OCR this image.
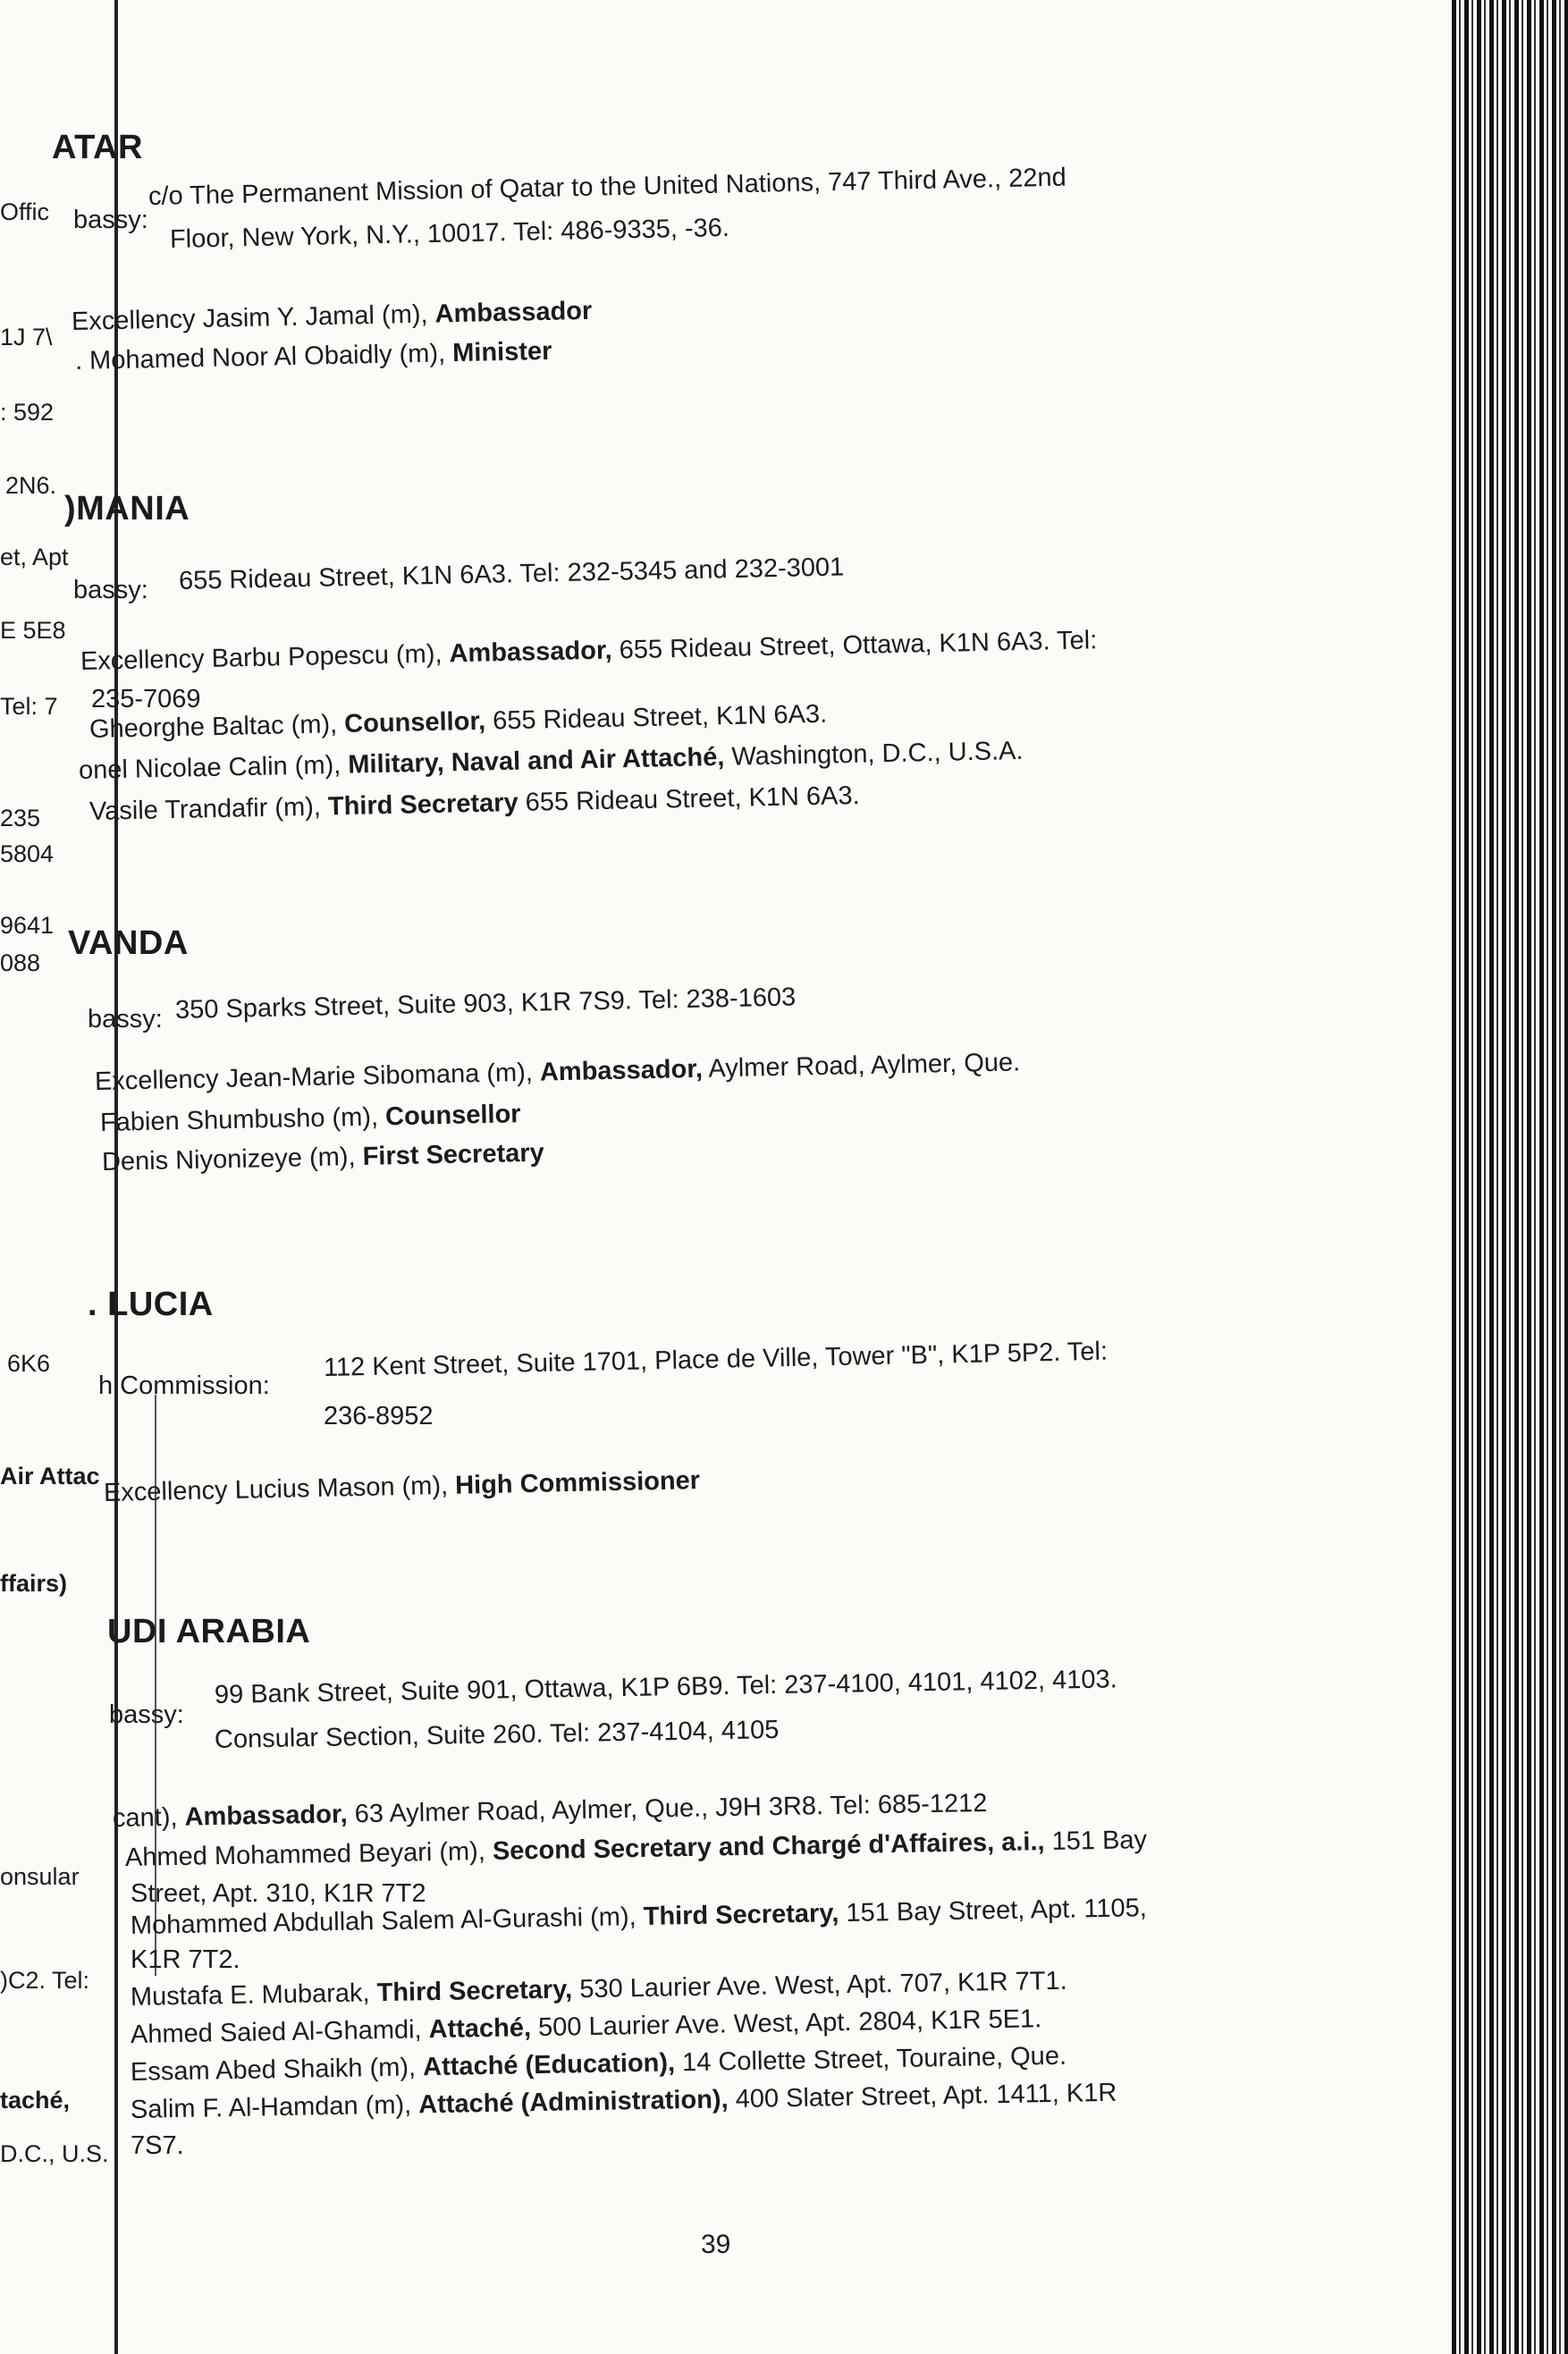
Offic
1J 7\
: 592
2N6.
et, Apt
E 5E8
Tel: 7
235
5804
9641
088
6K6
Air Attac
ffairs)
onsular
)C2. Tel:
taché,
D.C., U.S.
ATAR
bassy:
c/o The Permanent Mission of Qatar to the United Nations, 747 Third Ave., 22nd
Floor, New York, N.Y., 10017. Tel: 486-9335, -36.
Excellency Jasim Y. Jamal (m), Ambassador
. Mohamed Noor Al Obaidly (m), Minister
)MANIA
bassy: 655 Rideau Street, K1N 6A3. Tel: 232-5345 and 232-3001
Excellency Barbu Popescu (m), Ambassador, 655 Rideau Street, Ottawa, K1N 6A3. Tel:
235-7069
Gheorghe Baltac (m), Counsellor, 655 Rideau Street, K1N 6A3.
onel Nicolae Calin (m), Military, Naval and Air Attaché, Washington, D.C., U.S.A.
Vasile Trandafir (m), Third Secretary 655 Rideau Street, K1N 6A3.
VANDA
bassy: 350 Sparks Street, Suite 903, K1R 7S9. Tel: 238-1603
Excellency Jean-Marie Sibomana (m), Ambassador, Aylmer Road, Aylmer, Que.
Fabien Shumbusho (m), Counsellor
Denis Niyonizeye (m), First Secretary
. LUCIA
h Commission:
112 Kent Street, Suite 1701, Place de Ville, Tower "B", K1P 5P2. Tel:
236-8952
Excellency Lucius Mason (m), High Commissioner
UDI ARABIA
bassy:
99 Bank Street, Suite 901, Ottawa, K1P 6B9. Tel: 237-4100, 4101, 4102, 4103.
Consular Section, Suite 260. Tel: 237-4104, 4105
cant), Ambassador, 63 Aylmer Road, Aylmer, Que., J9H 3R8. Tel: 685-1212
Ahmed Mohammed Beyari (m), Second Secretary and Chargé d'Affaires, a.i., 151 Bay
Street, Apt. 310, K1R 7T2
Mohammed Abdullah Salem Al-Gurashi (m), Third Secretary, 151 Bay Street, Apt. 1105,
K1R 7T2.
Mustafa E. Mubarak, Third Secretary, 530 Laurier Ave. West, Apt. 707, K1R 7T1.
Ahmed Saied Al-Ghamdi, Attaché, 500 Laurier Ave. West, Apt. 2804, K1R 5E1.
Essam Abed Shaikh (m), Attaché (Education), 14 Collette Street, Touraine, Que.
Salim F. Al-Hamdan (m), Attaché (Administration), 400 Slater Street, Apt. 1411, K1R
7S7.
39
